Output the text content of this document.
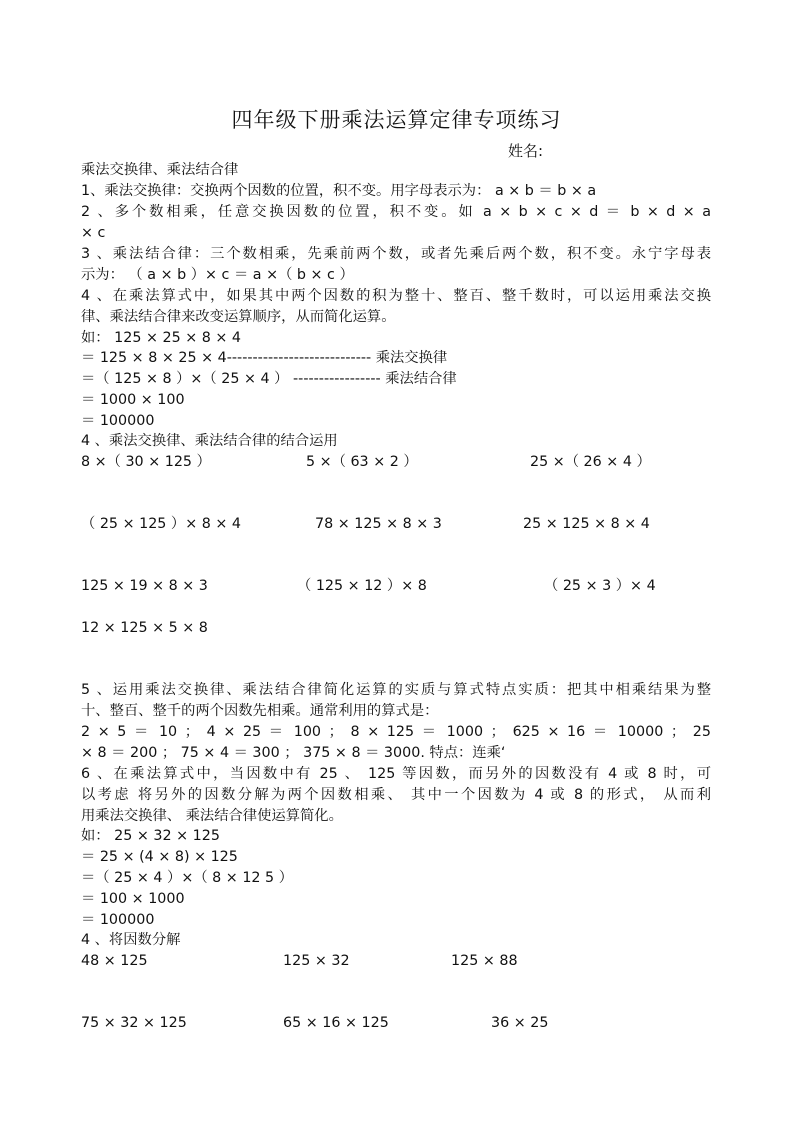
四年级下册乘法运算定律专项练习
姓名:
乘法交换律、乘法结合律
1、乘法交换律：交换两个因数的位置，积不变。用字母表示为： a × b ＝ b × a
2 、多个数相乘，任意交换因数的位置，积不变。如 a × b × c × d ＝ b × d × a
× c
3 、乘法结合律：三个数相乘，先乘前两个数，或者先乘后两个数，积不变。永宁字母表
示为： （ a × b ）× c ＝ a ×（ b × c ）
4 、在乘法算式中，如果其中两个因数的积为整十、整百、整千数时，可以运用乘法交换
律、乘法结合律来改变运算顺序，从而简化运算。
如： 125 × 25 × 8 × 4
＝ 125 × 8 × 25 × 4---------------------------- 乘法交换律
＝（ 125 × 8 ）×（ 25 × 4 ） ----------------- 乘法结合律
＝ 1000 × 100
＝ 100000
4 、乘法交换律、乘法结合律的结合运用
8 ×（ 30 × 125 ）	5 ×（ 63 × 2 ）	25 ×（ 26 × 4 ）
（ 25 × 125 ）× 8 × 4	78 × 125 × 8 × 3	25 × 125 × 8 × 4
125 × 19 × 8 × 3	（ 125 × 12 ）× 8	（ 25 × 3 ）× 4
12 × 125 × 5 × 8
5 、运用乘法交换律、乘法结合律简化运算的实质与算式特点实质：把其中相乘结果为整
十、整百、整千的两个因数先相乘。通常利用的算式是：
2 × 5 ＝ 10 ； 4 × 25 ＝ 100 ； 8 × 125 ＝ 1000 ； 625 × 16 ＝ 10000 ； 25
× 8 ＝ 200 ； 75 × 4 ＝ 300 ； 375 × 8 ＝ 3000. 特点：连乘‘
6 、在乘法算式中，当因数中有 25 、 125 等因数，而另外的因数没有 4 或 8 时，可
以考虑 将另外的因数分解为两个因数相乘、 其中一个因数为 4 或 8 的形式， 从而利
用乘法交换律、 乘法结合律使运算简化。
如： 25 × 32 × 125
＝ 25 × (4 × 8) × 125
＝（ 25 × 4 ）×（ 8 × 12 5 ）
＝ 100 × 1000
＝ 100000
4 、将因数分解
48 × 125	125 × 32	125 × 88
75 × 32 × 125	65 × 16 × 125	36 × 25
